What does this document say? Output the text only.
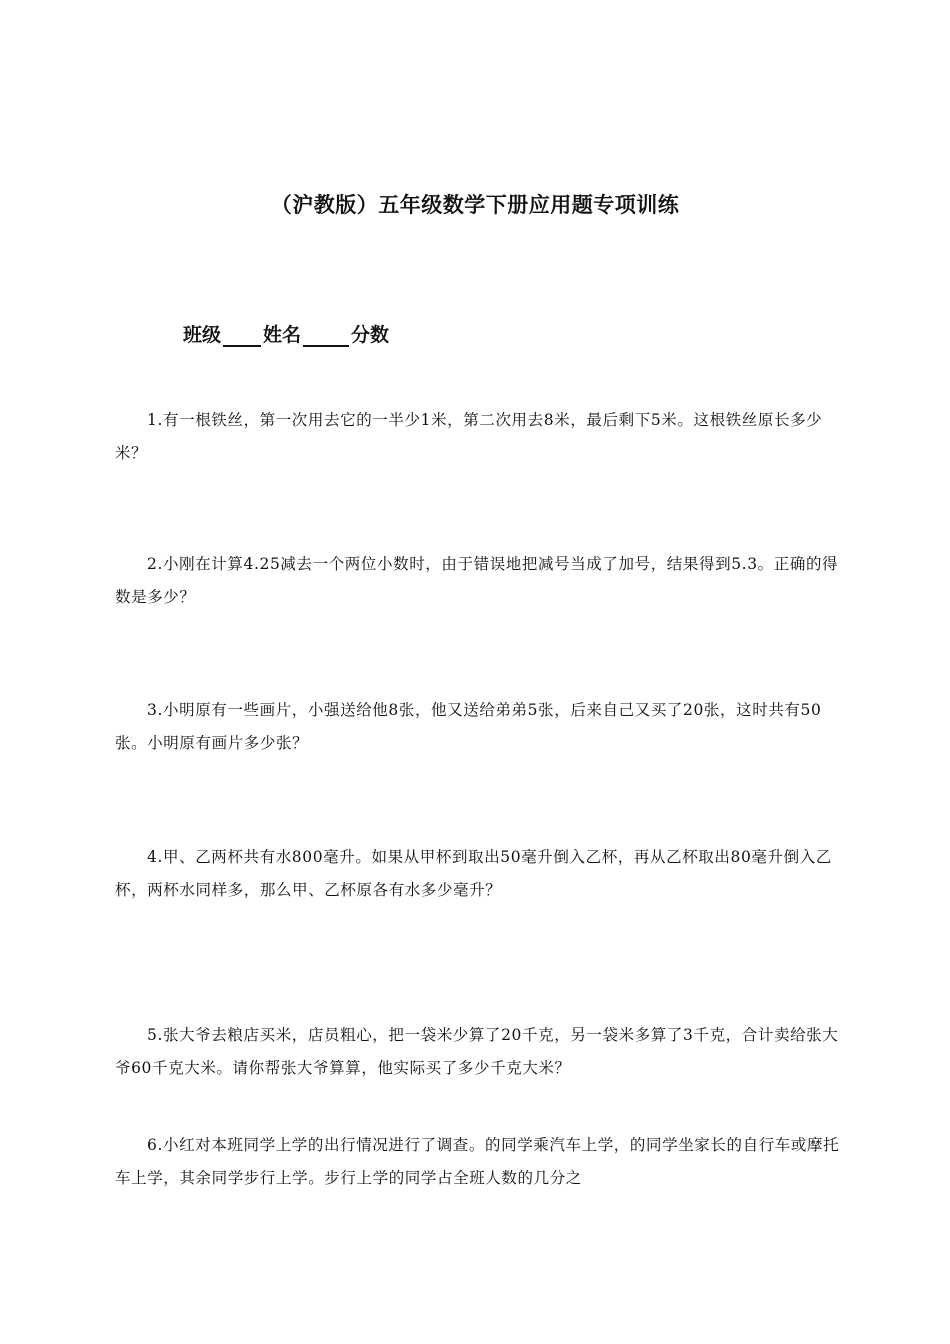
（沪教版）五年级数学下册应用题专项训练
班级 姓名	分数
1.有一根铁丝，第一次用去它的一半少1米，第二次用去8米，最后剩下5米。这根铁丝原长多少米？
2.小刚在计算4.25减去一个两位小数时，由于错误地把减号当成了加号，结果得到5.3。正确的得数是多少？
3.小明原有一些画片，小强送给他8张，他又送给弟弟5张，后来自己又买了20张，这时共有50张。小明原有画片多少张？
4.甲、乙两杯共有水800毫升。如果从甲杯到取出50毫升倒入乙杯，再从乙杯取出80毫升倒入乙杯，两杯水同样多，那么甲、乙杯原各有水多少毫升？
5.张大爷去粮店买米，店员粗心，把一袋米少算了20千克，另一袋米多算了3千克，合计卖给张大爷60千克大米。请你帮张大爷算算，他实际买了多少千克大米？
6.小红对本班同学上学的出行情况进行了调查。的同学乘汽车上学，的同学坐家长的自行车或摩托车上学，其余同学步行上学。步行上学的同学占全班人数的几分之
